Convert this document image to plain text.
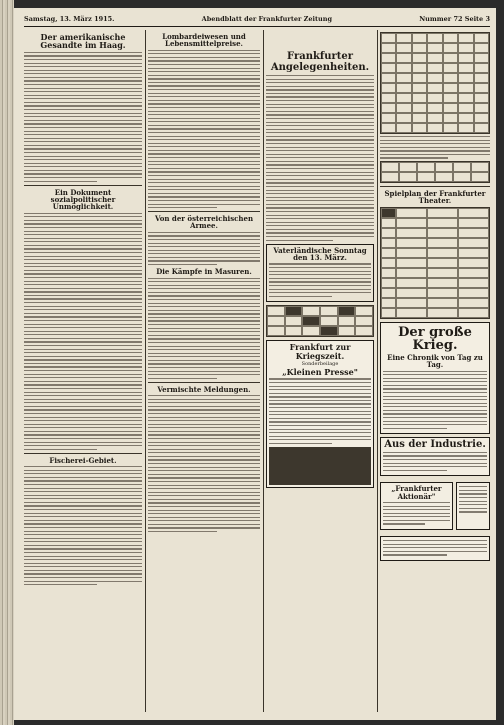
Samstag, 13. März 1915.	Abendblatt der Frankfurter Zeitung	Nummer 72 Seite 3
Der amerikanische Gesandte im Haag.
Ein Dokument sozialpolitischer Unmöglichkeit.
Fischerei-Gebiet.
Lombardeiwesen und Lebensmittelpreise.
Von der österreichischen Armee.
Die Kämpfe in Masuren.
Vermischte Meldungen.
Frankfurter Angelegenheiten.
Vaterländische Sonntag den 13. März.
Frankfurt zur Kriegszeit.
Sonderbeilage
„Kleinen Presse"
Spielplan der Frankfurter Theater.
Der große Krieg.
Eine Chronik von Tag zu Tag.
Aus der Industrie.
„Frankfurter Aktionär"
